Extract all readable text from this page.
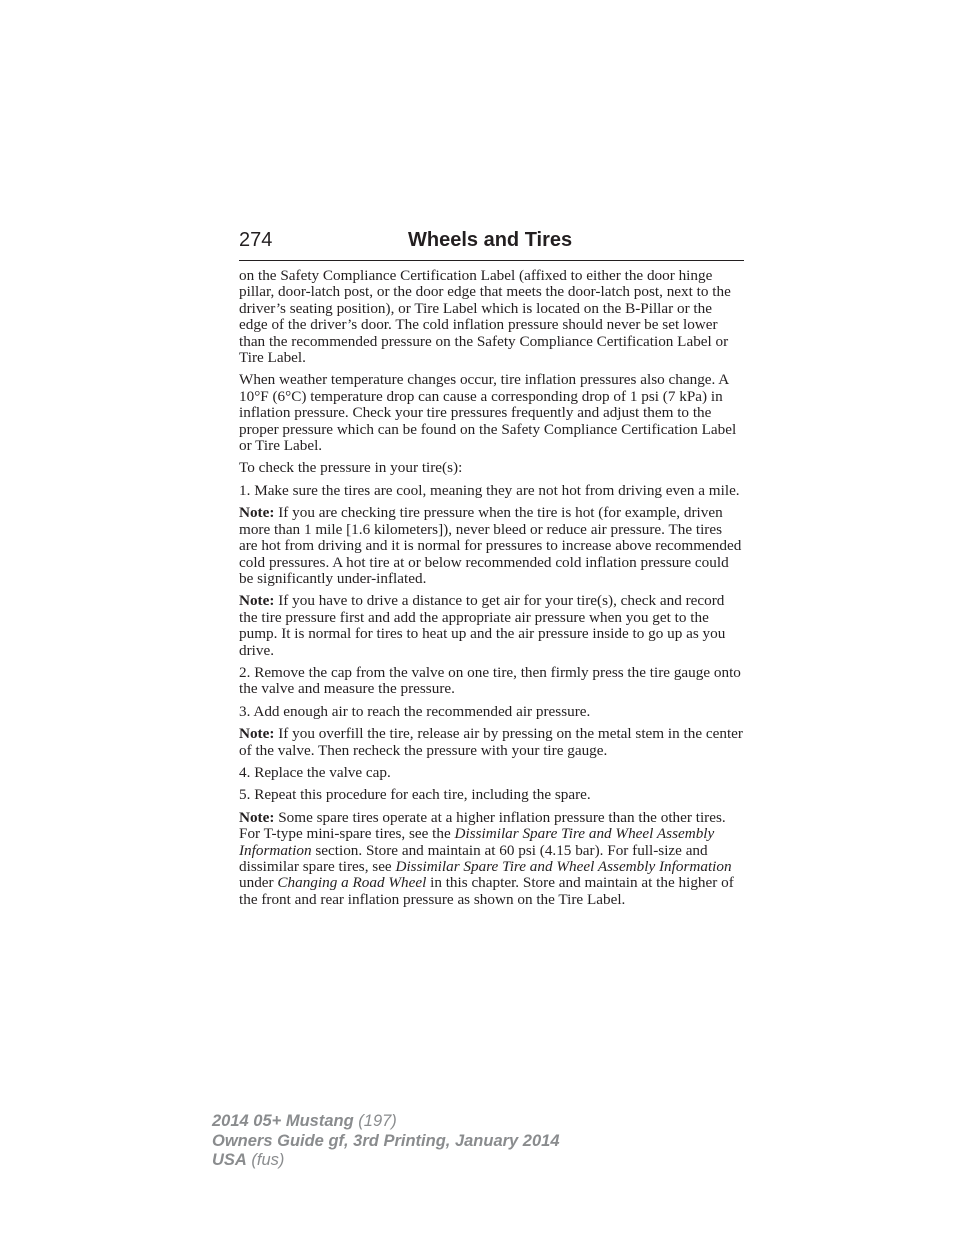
274	Wheels and Tires

on the Safety Compliance Certification Label (affixed to either the door hinge pillar, door-latch post, or the door edge that meets the door-latch post, next to the driver’s seating position), or Tire Label which is located on the B-Pillar or the edge of the driver’s door. The cold inflation pressure should never be set lower than the recommended pressure on the Safety Compliance Certification Label or Tire Label.

When weather temperature changes occur, tire inflation pressures also change. A 10°F (6°C) temperature drop can cause a corresponding drop of 1 psi (7 kPa) in inflation pressure. Check your tire pressures frequently and adjust them to the proper pressure which can be found on the Safety Compliance Certification Label or Tire Label.

To check the pressure in your tire(s):

1. Make sure the tires are cool, meaning they are not hot from driving even a mile.

Note: If you are checking tire pressure when the tire is hot (for example, driven more than 1 mile [1.6 kilometers]), never bleed or reduce air pressure. The tires are hot from driving and it is normal for pressures to increase above recommended cold pressures. A hot tire at or below recommended cold inflation pressure could be significantly under-inflated.

Note: If you have to drive a distance to get air for your tire(s), check and record the tire pressure first and add the appropriate air pressure when you get to the pump. It is normal for tires to heat up and the air pressure inside to go up as you drive.

2. Remove the cap from the valve on one tire, then firmly press the tire gauge onto the valve and measure the pressure.

3. Add enough air to reach the recommended air pressure.

Note: If you overfill the tire, release air by pressing on the metal stem in the center of the valve. Then recheck the pressure with your tire gauge.

4. Replace the valve cap.

5. Repeat this procedure for each tire, including the spare.

Note: Some spare tires operate at a higher inflation pressure than the other tires. For T-type mini-spare tires, see the Dissimilar Spare Tire and Wheel Assembly Information section. Store and maintain at 60 psi (4.15 bar). For full-size and dissimilar spare tires, see Dissimilar Spare Tire and Wheel Assembly Information under Changing a Road Wheel in this chapter. Store and maintain at the higher of the front and rear inflation pressure as shown on the Tire Label.

2014 05+ Mustang (197)
Owners Guide gf, 3rd Printing, January 2014
USA (fus)
